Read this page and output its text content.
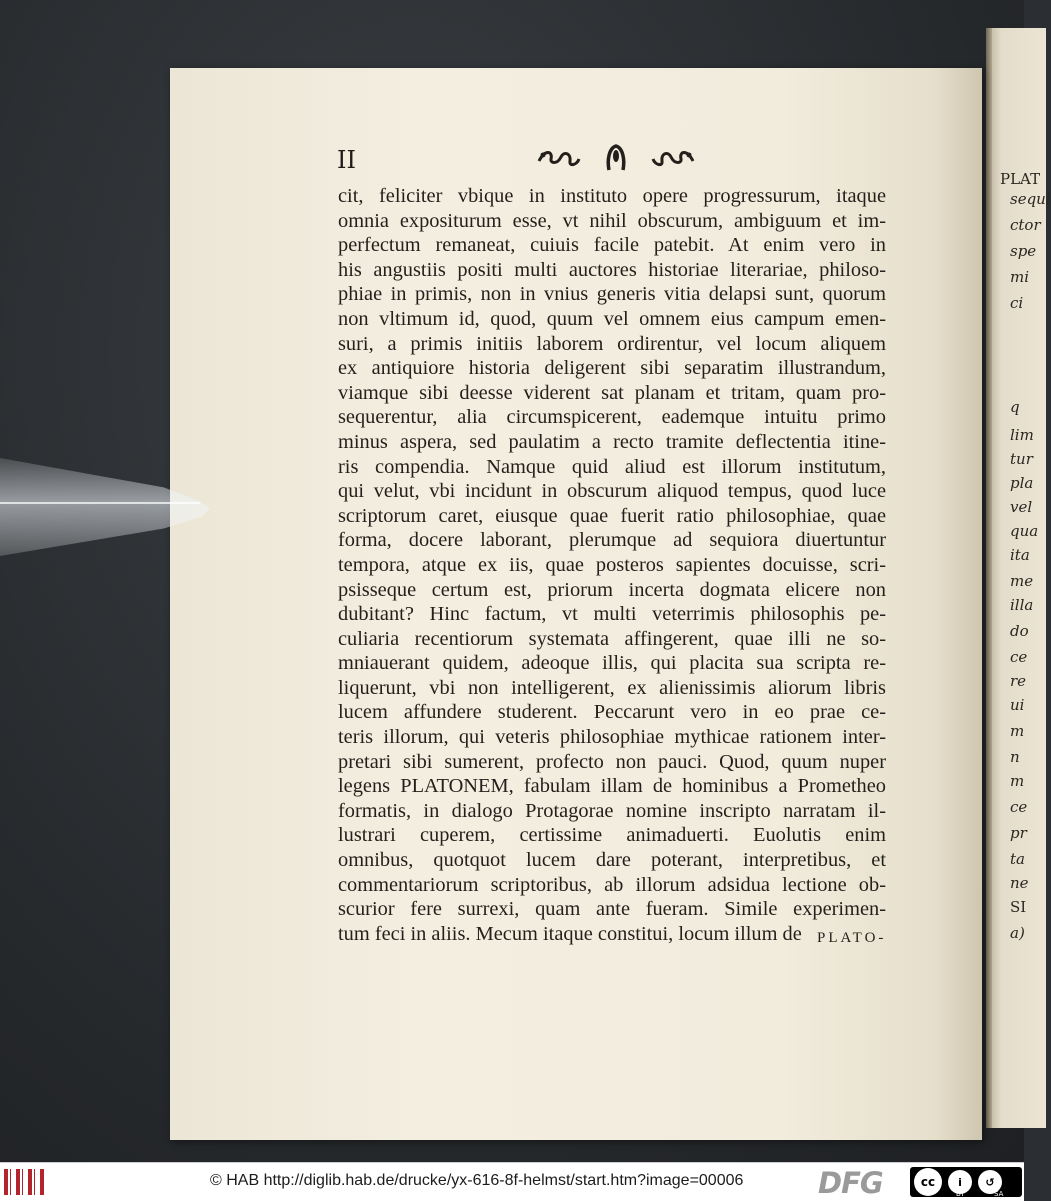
PLAT
sequi
ctor
spe
mi
ci
q
lim
tur
pla
vel
qua
ita
me
illa
do
ce
re
ui
m
n
m
ce
pr
ta
ne
SI
a)
II
cit, feliciter vbique in instituto opere progressurum, itaque
omnia expositurum esse, vt nihil obscurum, ambiguum et im-
perfectum remaneat, cuiuis facile patebit. At enim vero in
his angustiis positi multi auctores historiae literariae, philoso-
phiae in primis, non in vnius generis vitia delapsi sunt, quorum
non vltimum id, quod, quum vel omnem eius campum emen-
suri, a primis initiis laborem ordirentur, vel locum aliquem
ex antiquiore historia deligerent sibi separatim illustrandum,
viamque sibi deesse viderent sat planam et tritam, quam pro-
sequerentur, alia circumspicerent, eademque intuitu primo
minus aspera, sed paulatim a recto tramite deflectentia itine-
ris compendia. Namque quid aliud est illorum institutum,
qui velut, vbi incidunt in obscurum aliquod tempus, quod luce
scriptorum caret, eiusque quae fuerit ratio philosophiae, quae
forma, docere laborant, plerumque ad sequiora diuertuntur
tempora, atque ex iis, quae posteros sapientes docuisse, scri-
psisseque certum est, priorum incerta dogmata elicere non
dubitant? Hinc factum, vt multi veterrimis philosophis pe-
culiaria recentiorum systemata affingerent, quae illi ne so-
mniauerant quidem, adeoque illis, qui placita sua scripta re-
liquerunt, vbi non intelligerent, ex alienissimis aliorum libris
lucem affundere studerent. Peccarunt vero in eo prae ce-
teris illorum, qui veteris philosophiae mythicae rationem inter-
pretari sibi sumerent, profecto non pauci. Quod, quum nuper
legens PLATONEM, fabulam illam de hominibus a Prometheo
formatis, in dialogo Protagorae nomine inscripto narratam il-
lustrari cuperem, certissime animaduerti. Euolutis enim
omnibus, quotquot lucem dare poterant, interpretibus, et
commentariorum scriptoribus, ab illorum adsidua lectione ob-
scurior fere surrexi, quam ante fueram. Simile experimen-
tum feci in aliis. Mecum itaque constitui, locum illum de	PLATO-
© HAB http://diglib.hab.de/drucke/yx-616-8f-helmst/start.htm?image=00006	DFG	cc	i	↺
BY	SA
